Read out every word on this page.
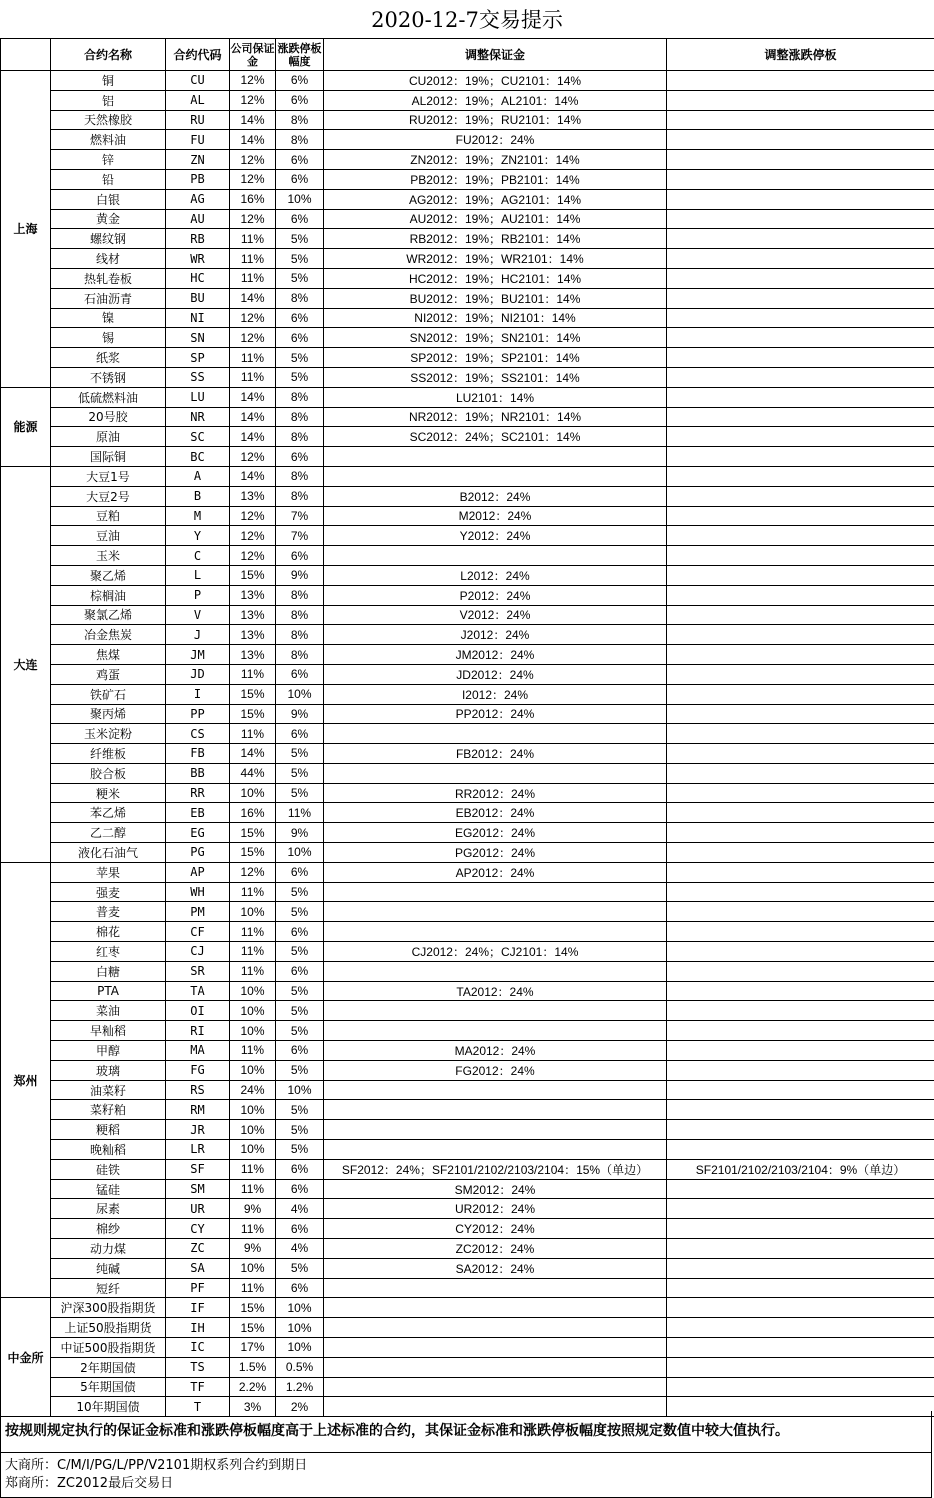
2020-12-7交易提示
	合约名称	合约代码	公司保证金	涨跌停板幅度	调整保证金	调整涨跌停板
上海	铜	CU	12%	6%	CU2012：19%；CU2101：14%	
	铝	AL	12%	6%	AL2012：19%；AL2101：14%	
	天然橡胶	RU	14%	8%	RU2012：19%；RU2101：14%	
	燃料油	FU	14%	8%	FU2012：24%	
	锌	ZN	12%	6%	ZN2012：19%；ZN2101：14%	
	铅	PB	12%	6%	PB2012：19%；PB2101：14%	
	白银	AG	16%	10%	AG2012：19%；AG2101：14%	
	黄金	AU	12%	6%	AU2012：19%；AU2101：14%	
	螺纹钢	RB	11%	5%	RB2012：19%；RB2101：14%	
	线材	WR	11%	5%	WR2012：19%；WR2101：14%	
	热轧卷板	HC	11%	5%	HC2012：19%；HC2101：14%	
	石油沥青	BU	14%	8%	BU2012：19%；BU2101：14%	
	镍	NI	12%	6%	NI2012：19%；NI2101：14%	
	锡	SN	12%	6%	SN2012：19%；SN2101：14%	
	纸浆	SP	11%	5%	SP2012：19%；SP2101：14%	
	不锈钢	SS	11%	5%	SS2012：19%；SS2101：14%	
能源	低硫燃料油	LU	14%	8%	LU2101：14%	
	20号胶	NR	14%	8%	NR2012：19%；NR2101：14%	
	原油	SC	14%	8%	SC2012：24%；SC2101：14%	
	国际铜	BC	12%	6%		
大连	大豆1号	A	14%	8%		
	大豆2号	B	13%	8%	B2012：24%	
	豆粕	M	12%	7%	M2012：24%	
	豆油	Y	12%	7%	Y2012：24%	
	玉米	C	12%	6%		
	聚乙烯	L	15%	9%	L2012：24%	
	棕榈油	P	13%	8%	P2012：24%	
	聚氯乙烯	V	13%	8%	V2012：24%	
	冶金焦炭	J	13%	8%	J2012：24%	
	焦煤	JM	13%	8%	JM2012：24%	
	鸡蛋	JD	11%	6%	JD2012：24%	
	铁矿石	I	15%	10%	I2012：24%	
	聚丙烯	PP	15%	9%	PP2012：24%	
	玉米淀粉	CS	11%	6%		
	纤维板	FB	14%	5%	FB2012：24%	
	胶合板	BB	44%	5%		
	粳米	RR	10%	5%	RR2012：24%	
	苯乙烯	EB	16%	11%	EB2012：24%	
	乙二醇	EG	15%	9%	EG2012：24%	
	液化石油气	PG	15%	10%	PG2012：24%	
郑州	苹果	AP	12%	6%	AP2012：24%	
	强麦	WH	11%	5%		
	普麦	PM	10%	5%		
	棉花	CF	11%	6%		
	红枣	CJ	11%	5%	CJ2012：24%；CJ2101：14%	
	白糖	SR	11%	6%		
	PTA	TA	10%	5%	TA2012：24%	
	菜油	OI	10%	5%		
	早籼稻	RI	10%	5%		
	甲醇	MA	11%	6%	MA2012：24%	
	玻璃	FG	10%	5%	FG2012：24%	
	油菜籽	RS	24%	10%		
	菜籽粕	RM	10%	5%		
	粳稻	JR	10%	5%		
	晚籼稻	LR	10%	5%		
	硅铁	SF	11%	6%	SF2012：24%；SF2101/2102/2103/2104：15%（单边）	SF2101/2102/2103/2104：9%（单边）
	锰硅	SM	11%	6%	SM2012：24%	
	尿素	UR	9%	4%	UR2012：24%	
	棉纱	CY	11%	6%	CY2012：24%	
	动力煤	ZC	9%	4%	ZC2012：24%	
	纯碱	SA	10%	5%	SA2012：24%	
	短纤	PF	11%	6%		
中金所	沪深300股指期货	IF	15%	10%		
	上证50股指期货	IH	15%	10%		
	中证500股指期货	IC	17%	10%		
	2年期国债	TS	1.5%	0.5%		
	5年期国债	TF	2.2%	1.2%		
	10年期国债	T	3%	2%		
按规则规定执行的保证金标准和涨跌停板幅度高于上述标准的合约，其保证金标准和涨跌停板幅度按照规定数值中较大值执行。
大商所：C/M/I/PG/L/PP/V2101期权系列合约到期日
郑商所：ZC2012最后交易日
